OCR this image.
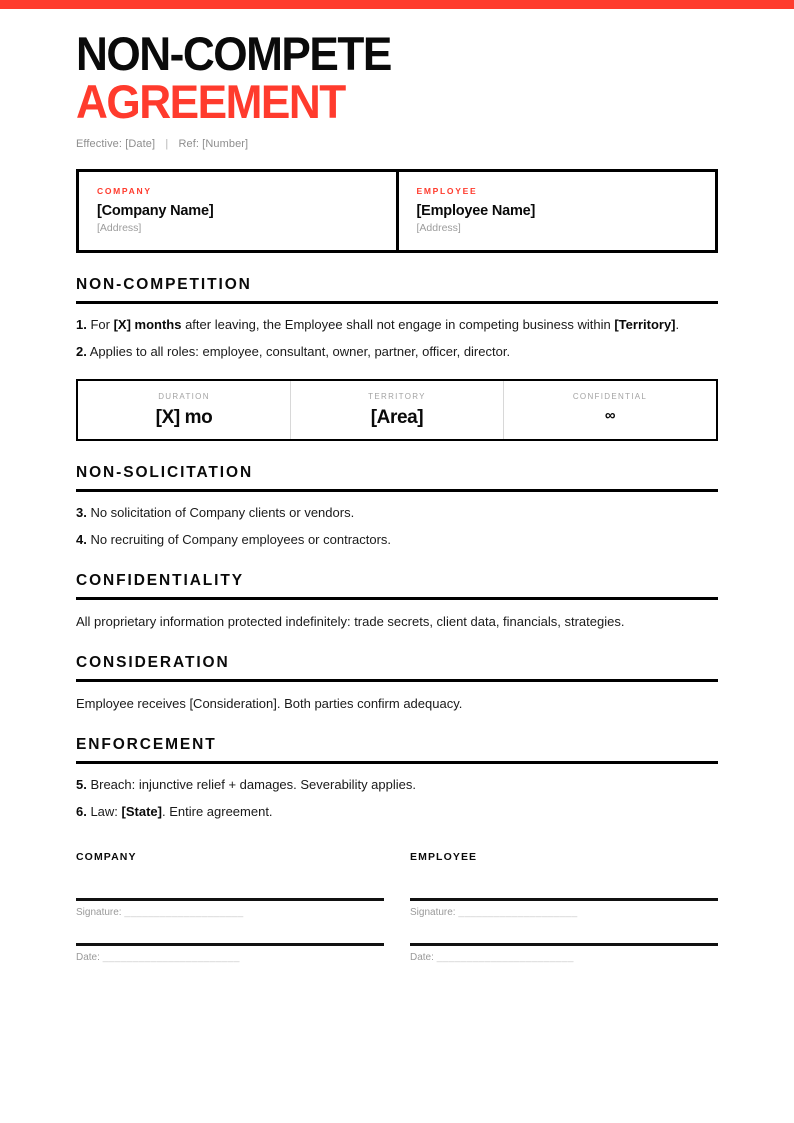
NON-COMPETE
AGREEMENT
Effective: [Date] | Ref: [Number]
COMPANY
[Company Name]
[Address]
EMPLOYEE
[Employee Name]
[Address]
NON-COMPETITION

1. For [X] months after leaving, the Employee shall not engage in competing business within [Territory].

2. Applies to all roles: employee, consultant, owner, partner, officer, director.

DURATION
[X] mo
TERRITORY
[Area]
CONFIDENTIAL
∞
NON-SOLICITATION

3. No solicitation of Company clients or vendors.

4. No recruiting of Company employees or contractors.

CONFIDENTIALITY

All proprietary information protected indefinitely: trade secrets, client data, financials, strategies.

CONSIDERATION

Employee receives [Consideration]. Both parties confirm adequacy.

ENFORCEMENT

5. Breach: injunctive relief + damages. Severability applies.

6. Law: [State]. Entire agreement.

COMPANY
Signature: ____________________
Date: _______________________
EMPLOYEE
Signature: ____________________
Date: _______________________
